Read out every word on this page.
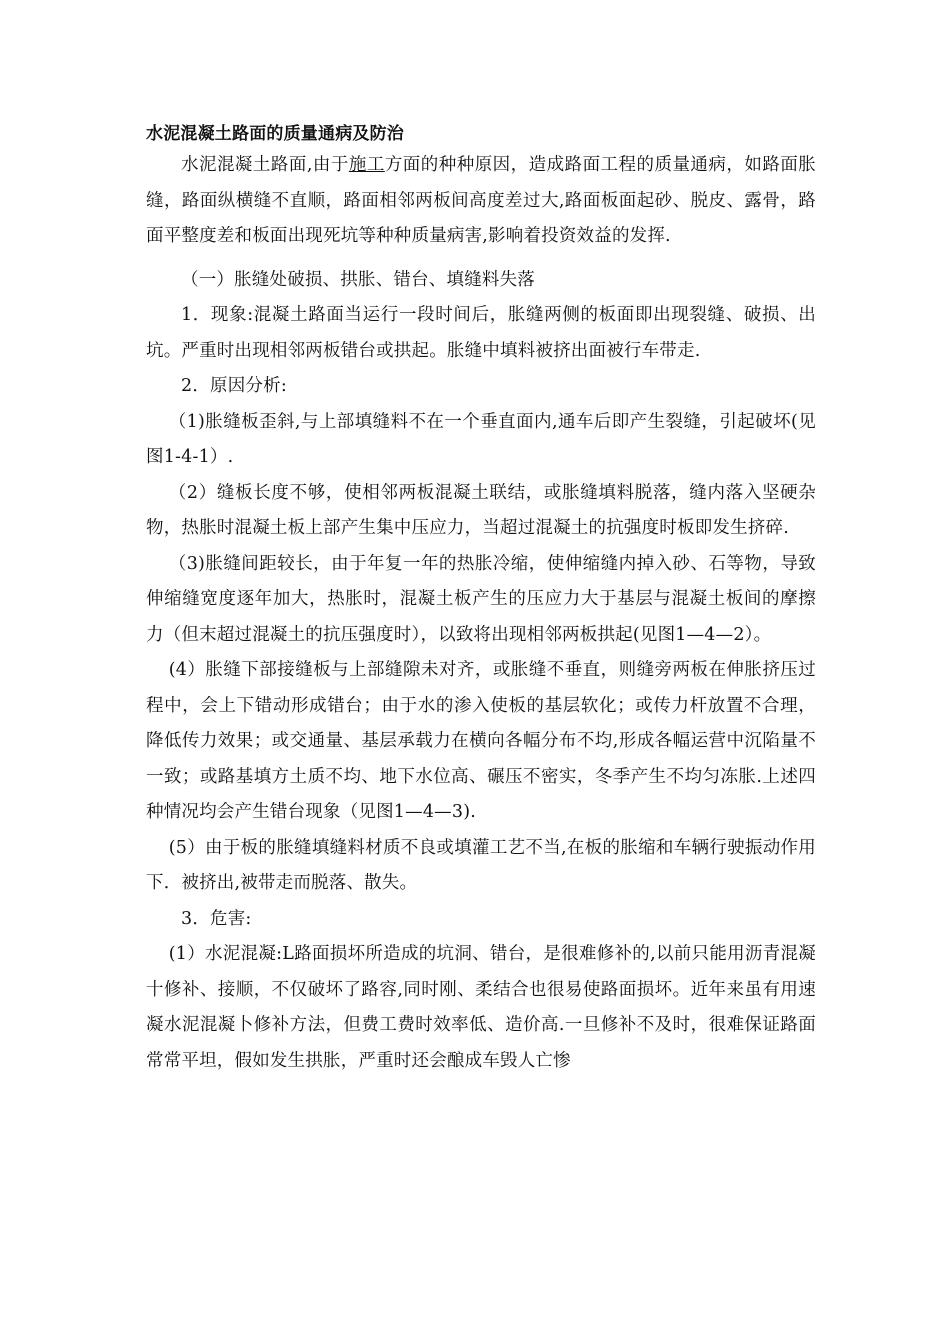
水泥混凝土路面的质量通病及防治

水泥混凝土路面,由于施工方面的种种原因，造成路面工程的质量通病，如路面胀缝，路面纵横缝不直顺，路面相邻两板间高度差过大,路面板面起砂、脱皮、露骨，路面平整度差和板面出现死坑等种种质量病害,影响着投资效益的发挥.

（一）胀缝处破损、拱胀、错台、填缝料失落

1．现象:混凝土路面当运行一段时间后，胀缝两侧的板面即出现裂缝、破损、出坑。严重时出现相邻两板错台或拱起。胀缝中填料被挤出面被行车带走.

2．原因分析:

（1)胀缝板歪斜,与上部填缝料不在一个垂直面内,通车后即产生裂缝，引起破坏(见图1-4-1）.

（2）缝板长度不够，使相邻两板混凝土联结，或胀缝填料脱落，缝内落入坚硬杂物，热胀时混凝土板上部产生集中压应力，当超过混凝土的抗强度时板即发生挤碎.

（3)胀缝间距较长，由于年复一年的热胀冷缩，使伸缩缝内掉入砂、石等物，导致伸缩缝宽度逐年加大，热胀时，混凝土板产生的压应力大于基层与混凝土板间的摩擦力（但末超过混凝土的抗压强度时），以致将出现相邻两板拱起(见图1—4—2）。

(4）胀缝下部接缝板与上部缝隙未对齐，或胀缝不垂直，则缝旁两板在伸胀挤压过程中，会上下错动形成错台；由于水的渗入使板的基层软化；或传力杆放置不合理，降低传力效果；或交通量、基层承载力在横向各幅分布不均,形成各幅运营中沉陷量不一致；或路基填方土质不均、地下水位高、碾压不密实，冬季产生不均匀冻胀.上述四种情况均会产生错台现象（见图1—4—3).

(5）由于板的胀缝填缝料材质不良或填灌工艺不当,在板的胀缩和车辆行驶振动作用下．被挤出,被带走而脱落、散失。

3．危害:

(1）水泥混凝:L路面损坏所造成的坑洞、错台，是很难修补的,以前只能用沥青混凝十修补、接顺，不仅破坏了路容,同时刚、柔结合也很易使路面损坏。近年来虽有用速凝水泥混凝卜修补方法，但费工费时效率低、造价高.一旦修补不及时，很难保证路面常常平坦，假如发生拱胀，严重时还会酿成车毁人亡惨
